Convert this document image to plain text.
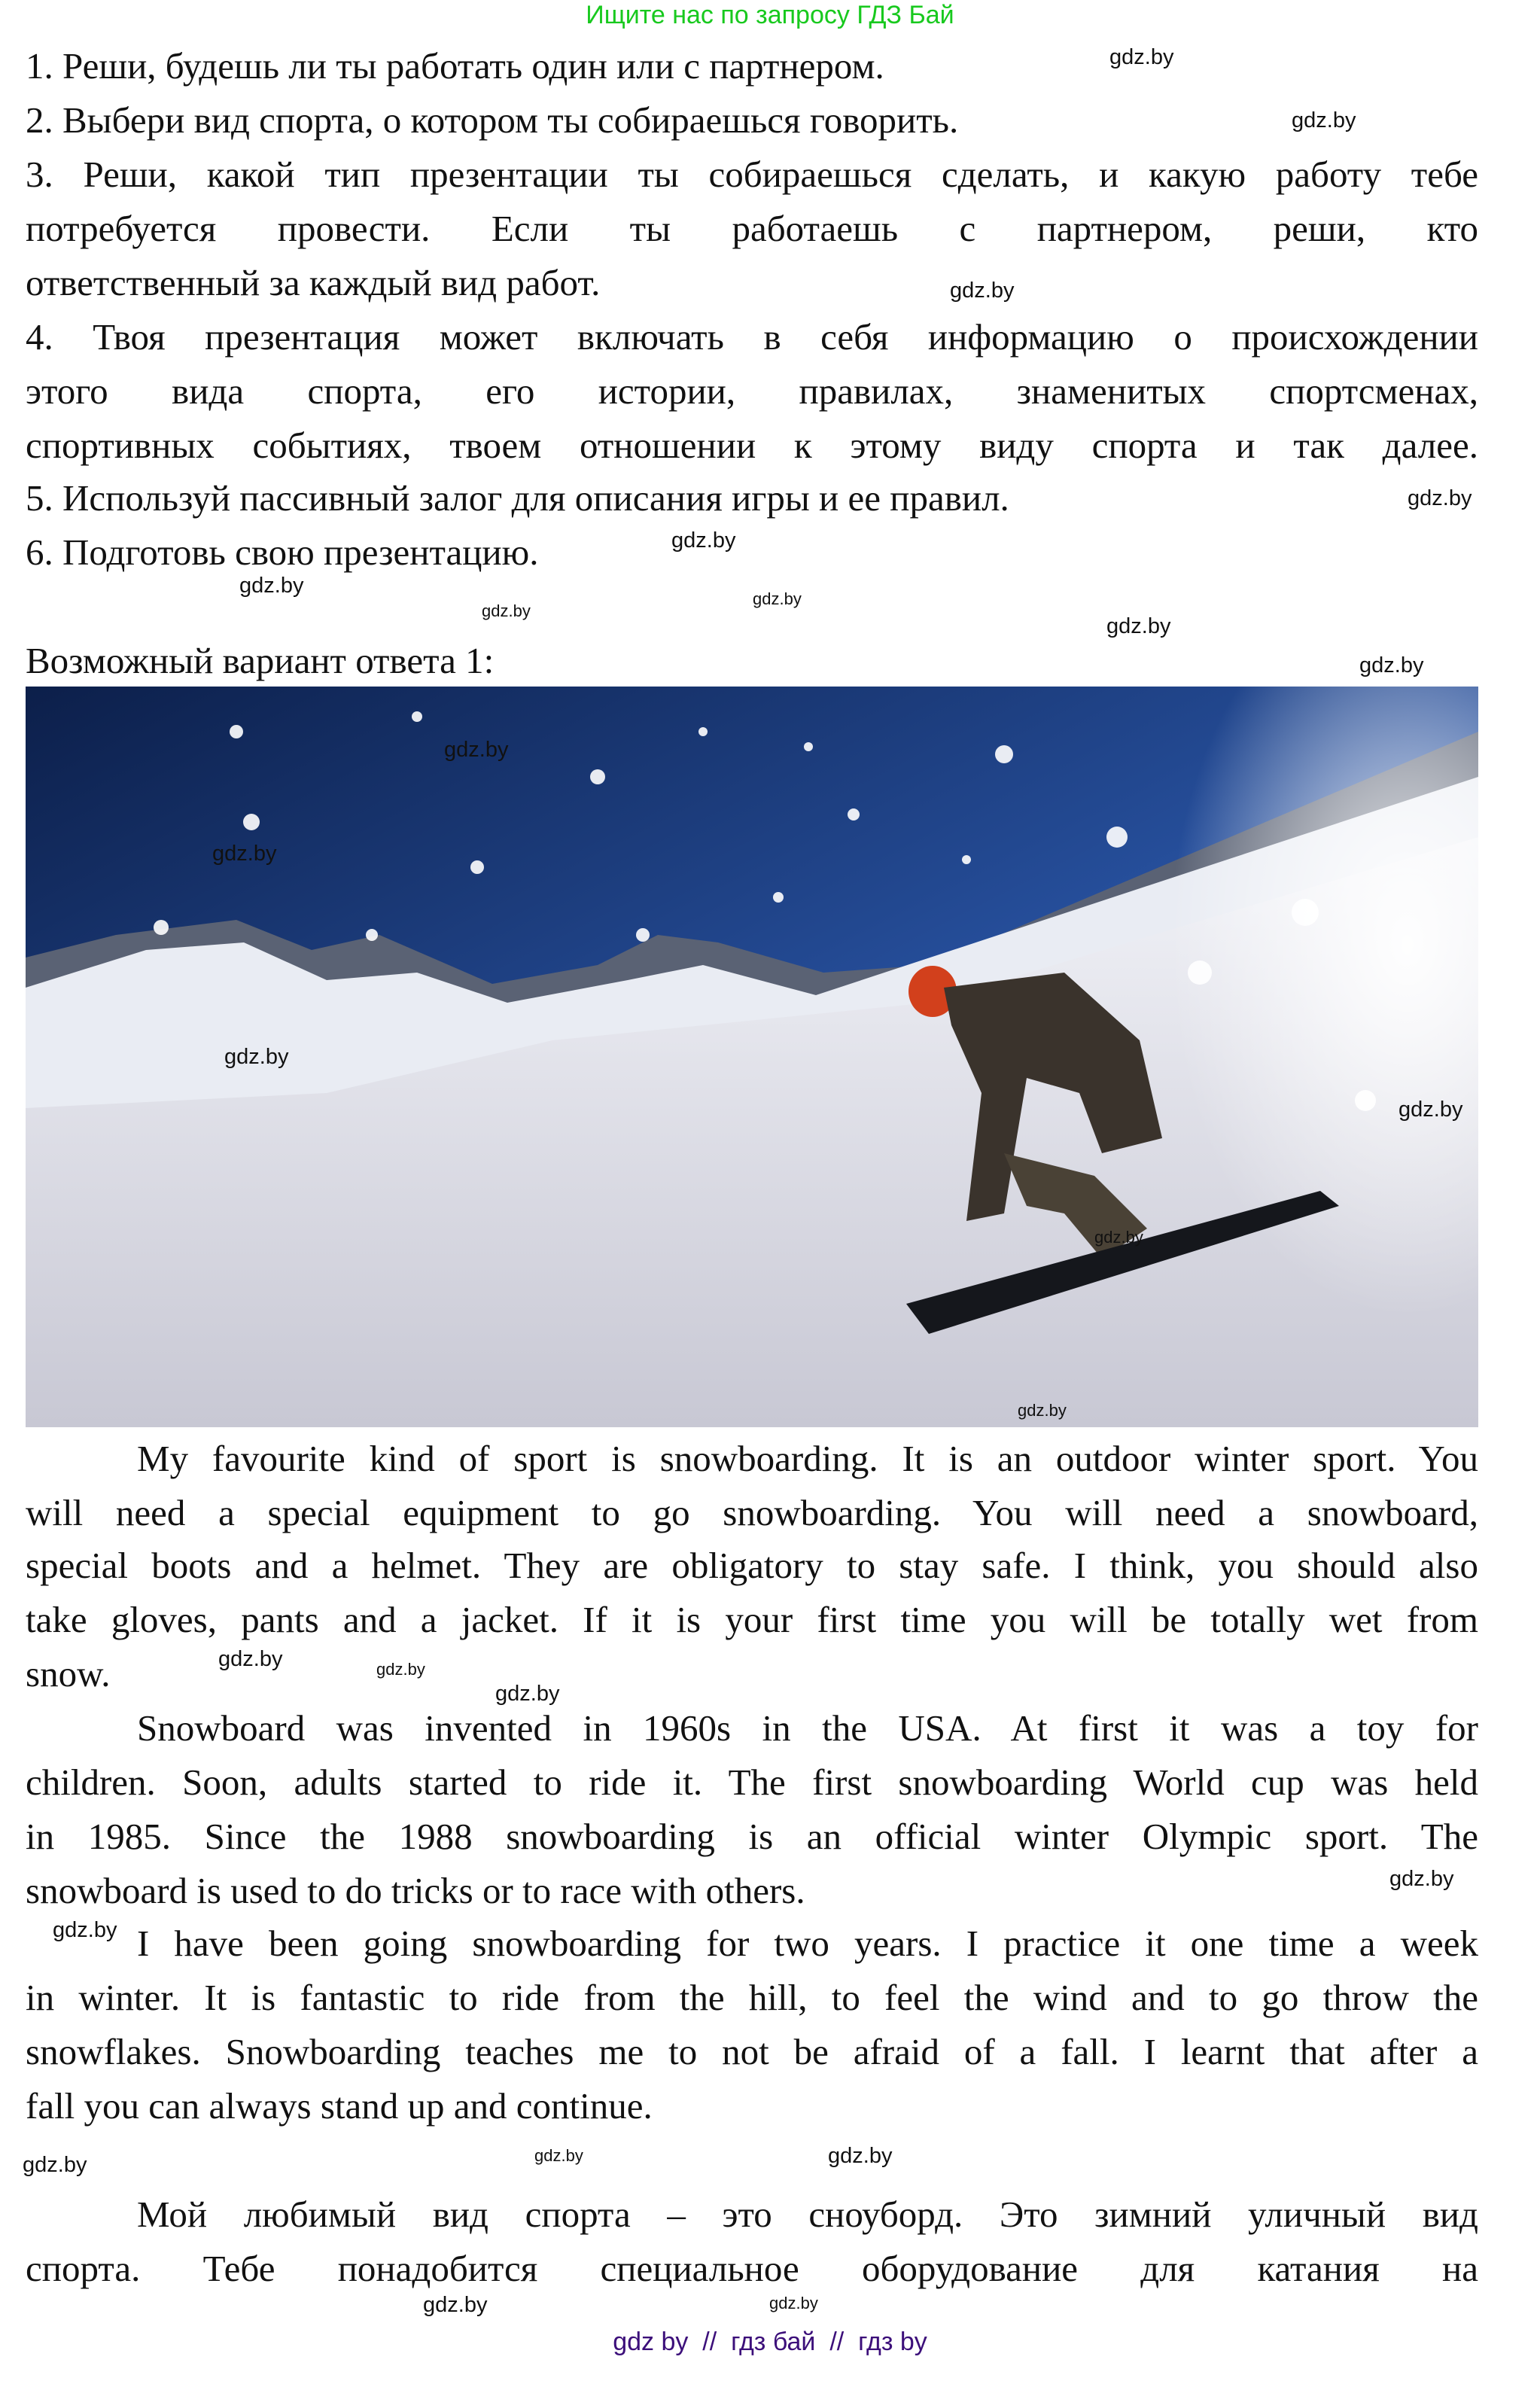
Ищите нас по запросу ГДЗ Бай
1. Реши, будешь ли ты работать один или с партнером.
2. Выбери вид спорта, о котором ты собираешься говорить.
3. Реши, какой тип презентации ты собираешься сделать, и какую работу тебе
потребуется провести. Если ты работаешь с партнером, реши, кто
ответственный за каждый вид работ.
4. Твоя презентация может включать в себя информацию о происхождении
этого вида спорта, его истории, правилах, знаменитых спортсменах,
спортивных событиях, твоем отношении к этому виду спорта и так далее.
5. Используй пассивный залог для описания игры и ее правил.
6. Подготовь свою презентацию.
Возможный вариант ответа 1:
My favourite kind of sport is snowboarding. It is an outdoor winter sport. You
will need a special equipment to go snowboarding. You will need a snowboard,
special boots and a helmet. They are obligatory to stay safe. I think, you should also
take gloves, pants and a jacket. If it is your first time you will be totally wet from
snow.
Snowboard was invented in 1960s in the USA. At first it was a toy for
children. Soon, adults started to ride it. The first snowboarding World cup was held
in 1985. Since the 1988 snowboarding is an official winter Olympic sport. The
snowboard is used to do tricks or to race with others.
I have been going snowboarding for two years. I practice it one time a week
in winter. It is fantastic to ride from the hill, to feel the wind and to go throw the
snowflakes. Snowboarding teaches me to not be afraid of a fall. I learnt that after a
fall you can always stand up and continue.
Мой любимый вид спорта – это сноуборд. Это зимний уличный вид
спорта. Тебе понадобится специальное оборудование для катания на
gdz.by
gdz.by
gdz.by
gdz.by
gdz.by
gdz.by
gdz.by
gdz.by
gdz.by
gdz.by
gdz.by
gdz.by
gdz.by
gdz.by
gdz.by
gdz.by
gdz.by
gdz.by
gdz.by
gdz.by
gdz.by
gdz.by
gdz.by
gdz.by
gdz.by
gdz.by
gdz by  //  гдз бай  //  гдз by
